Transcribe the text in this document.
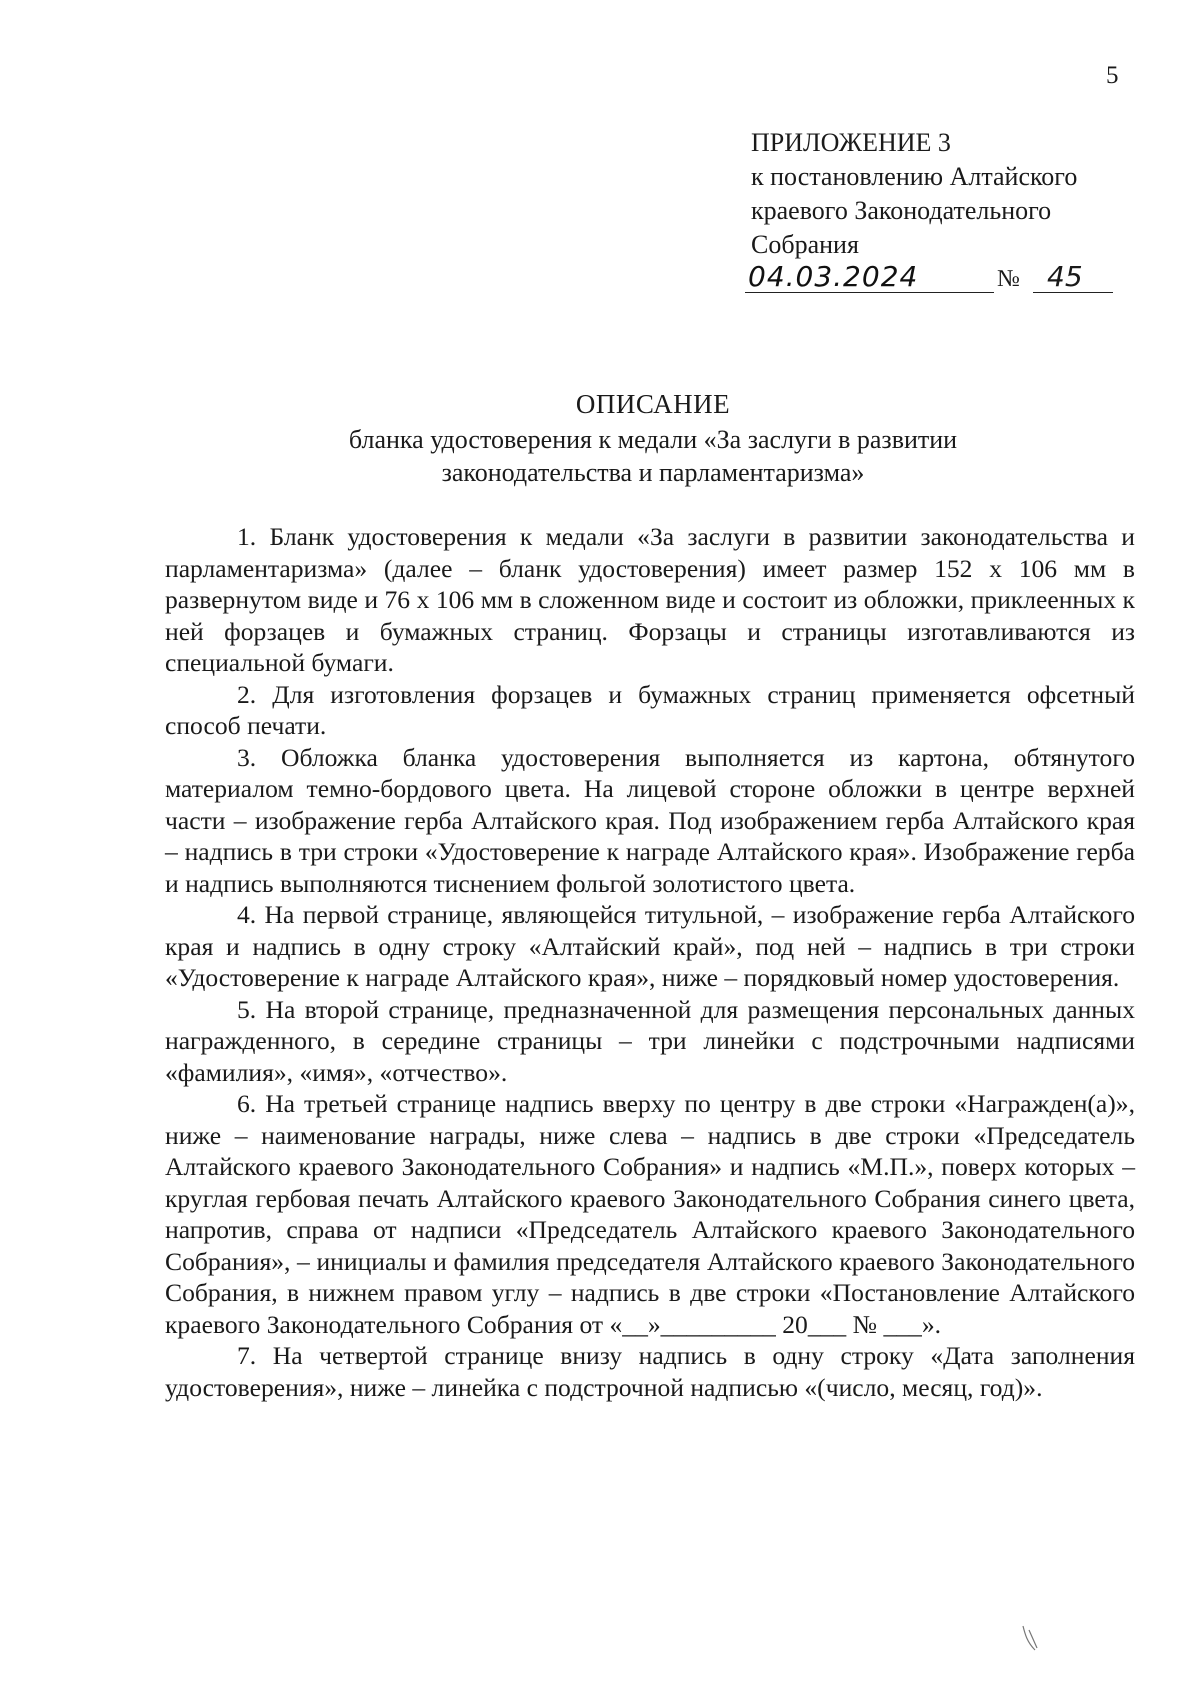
5
ПРИЛОЖЕНИЕ 3
к постановлению Алтайского
краевого Законодательного
Собрания
04.03.2024	№ 45
ОПИСАНИЕ
бланка удостоверения к медали «За заслуги в развитии
законодательства и парламентаризма»

1. Бланк удостоверения к медали «За заслуги в развитии законодательства и парламентаризма» (далее – бланк удостоверения) имеет размер 152 х 106 мм в развернутом виде и 76 х 106 мм в сложенном виде и состоит из обложки, приклеенных к ней форзацев и бумажных страниц. Форзацы и страницы изготавливаются из специальной бумаги.

2. Для изготовления форзацев и бумажных страниц применяется офсетный способ печати.

3. Обложка бланка удостоверения выполняется из картона, обтянутого материалом темно-бордового цвета. На лицевой стороне обложки в центре верхней части – изображение герба Алтайского края. Под изображением герба Алтайского края – надпись в три строки «Удостоверение к награде Алтайского края». Изображение герба и надпись выполняются тиснением фольгой золотистого цвета.

4. На первой странице, являющейся титульной, – изображение герба Алтайского края и надпись в одну строку «Алтайский край», под ней – надпись в три строки «Удостоверение к награде Алтайского края», ниже – порядковый номер удостоверения.

5. На второй странице, предназначенной для размещения персональных данных награжденного, в середине страницы – три линейки с подстрочными надписями «фамилия», «имя», «отчество».

6. На третьей странице надпись вверху по центру в две строки «Награжден(а)», ниже – наименование награды, ниже слева – надпись в две строки «Председатель Алтайского краевого Законодательного Собрания» и надпись «М.П.», поверх которых – круглая гербовая печать Алтайского краевого Законодательного Собрания синего цвета, напротив, справа от надписи «Председатель Алтайского краевого Законодательного Собрания», – инициалы и фамилия председателя Алтайского краевого Законодательного Собрания, в нижнем правом углу – надпись в две строки «Постановление Алтайского краевого Законодательного Собрания от «__»_________ 20___ № ___».

7. На четвертой странице внизу надпись в одну строку «Дата заполнения удостоверения», ниже – линейка с подстрочной надписью «(число, месяц, год)».
